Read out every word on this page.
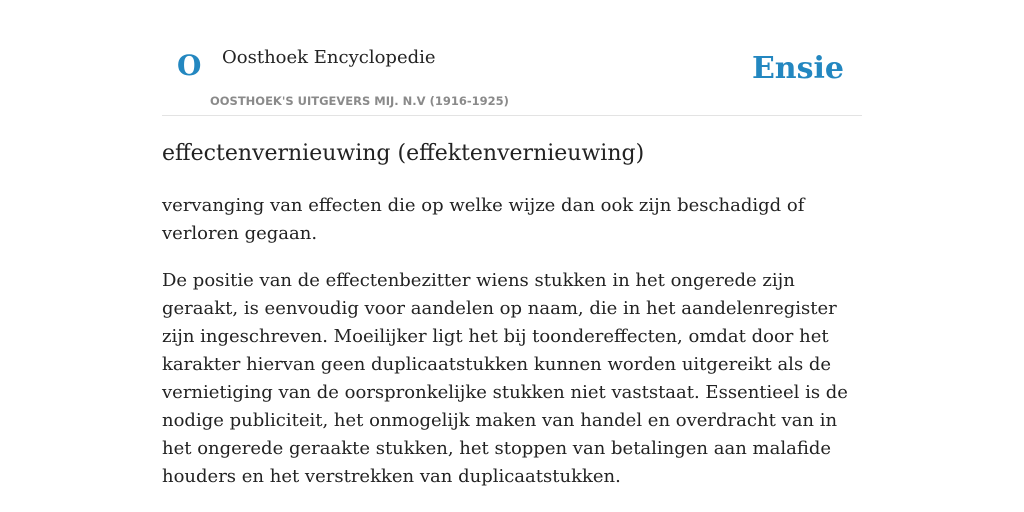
O Oosthoek Encyclopedie
OOSTHOEK'S UITGEVERS MIJ. N.V (1916-1925)
Ensie
effectenvernieuwing (effektenvernieuwing)

vervanging van effecten die op welke wijze dan ook zijn beschadigd of verloren gegaan.

De positie van de effectenbezitter wiens stukken in het ongerede zijn geraakt, is eenvoudig voor aandelen op naam, die in het aandelenregister zijn ingeschreven. Moeilijker ligt het bij toondereffecten, omdat door het karakter hiervan geen duplicaatstukken kunnen worden uitgereikt als de vernietiging van de oorspronkelijke stukken niet vaststaat. Essentieel is de nodige publiciteit, het onmogelijk maken van handel en overdracht van in het ongerede geraakte stukken, het stoppen van betalingen aan malafide houders en het verstrekken van duplicaatstukken.
